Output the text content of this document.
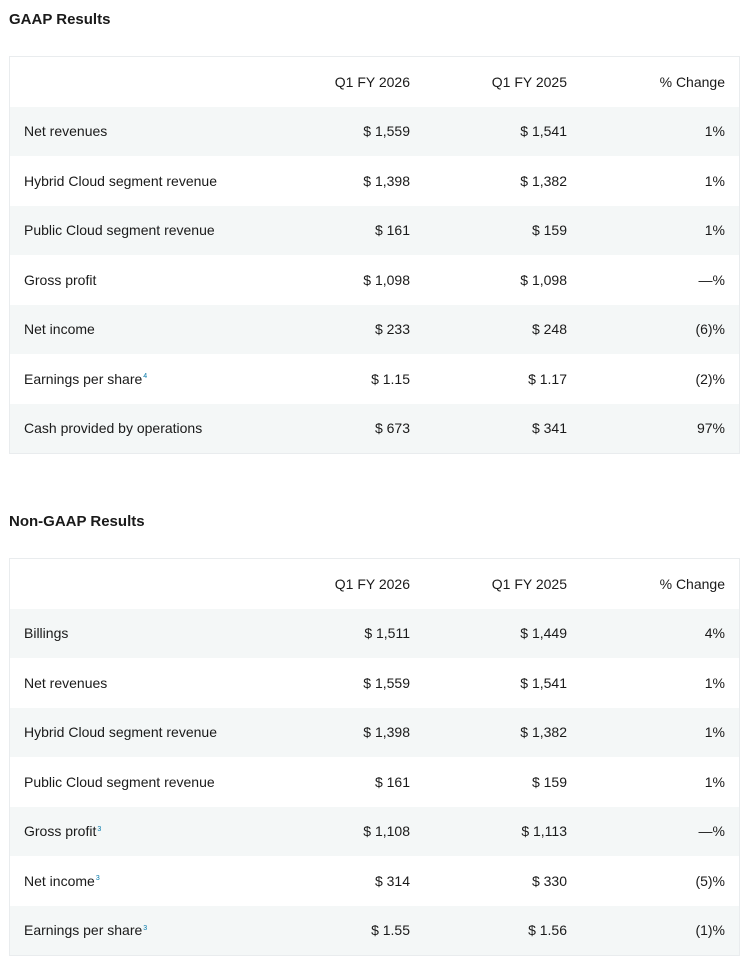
GAAP Results
Q1 FY 2026	Q1 FY 2025	% Change
Net revenues	$ 1,559	$ 1,541	1%
Hybrid Cloud segment revenue	$ 1,398	$ 1,382	1%
Public Cloud segment revenue	$ 161	$ 159	1%
Gross profit	$ 1,098	$ 1,098	—%
Net income	$ 233	$ 248	(6)%
Earnings per share$^4$	$ 1.15	$ 1.17	(2)%
Cash provided by operations	$ 673	$ 341	97%
Non-GAAP Results
Q1 FY 2026	Q1 FY 2025	% Change
Billings	$ 1,511	$ 1,449	4%
Net revenues	$ 1,559	$ 1,541	1%
Hybrid Cloud segment revenue	$ 1,398	$ 1,382	1%
Public Cloud segment revenue	$ 161	$ 159	1%
Gross profit$^3$	$ 1,108	$ 1,113	—%
Net income$^3$	$ 314	$ 330	(5)%
Earnings per share$^3$	$ 1.55	$ 1.56	(1)%
